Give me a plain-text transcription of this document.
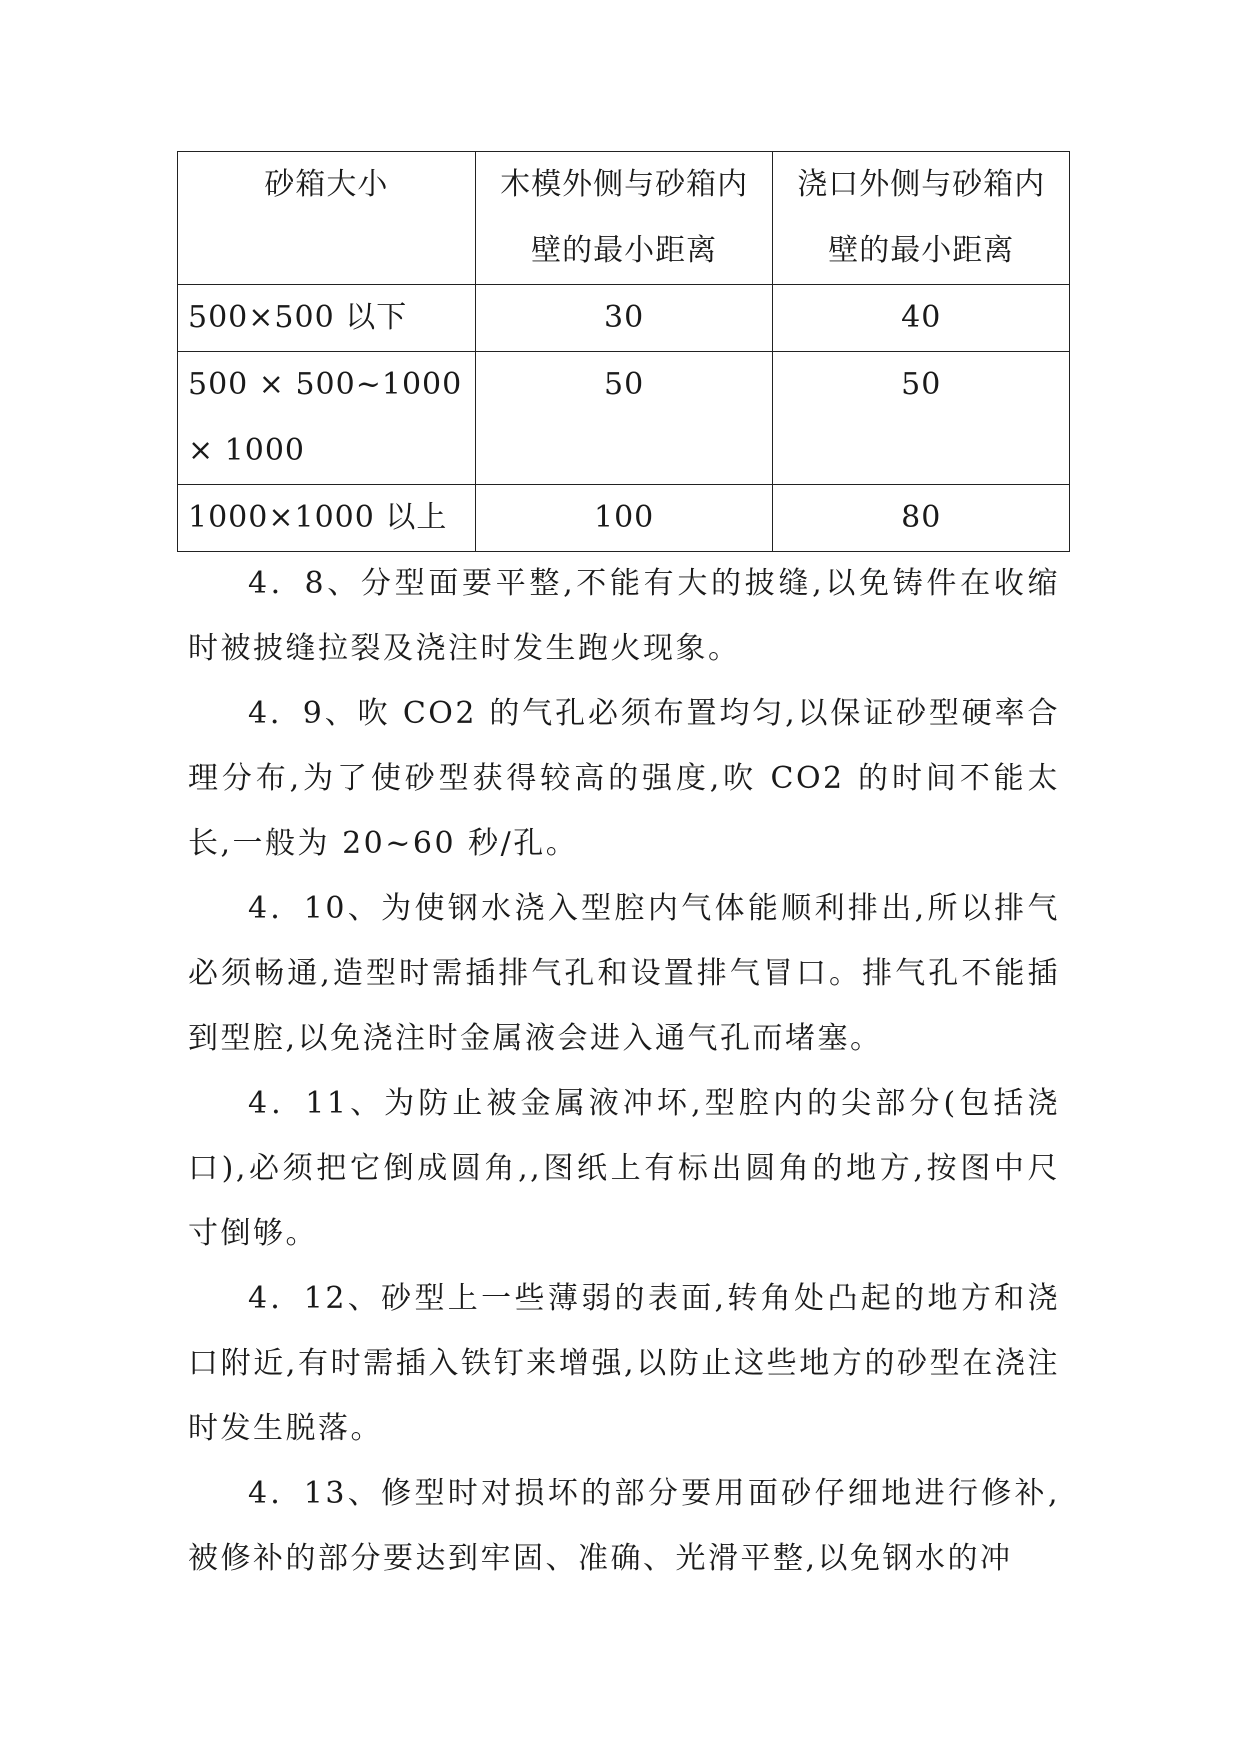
砂箱大小	木模外侧与砂箱内壁的最小距离	浇口外侧与砂箱内壁的最小距离
500×500 以下	30	40
500 × 500~1000 × 1000	50	50
1000×1000 以上	100	80

4．8、分型面要平整,不能有大的披缝,以免铸件在收缩时被披缝拉裂及浇注时发生跑火现象。

4．9、吹 CO2 的气孔必须布置均匀,以保证砂型硬率合理分布,为了使砂型获得较高的强度,吹 CO2 的时间不能太长,一般为 20~60 秒/孔。

4．10、为使钢水浇入型腔内气体能顺利排出,所以排气必须畅通,造型时需插排气孔和设置排气冒口。排气孔不能插到型腔,以免浇注时金属液会进入通气孔而堵塞。

4．11、为防止被金属液冲坏,型腔内的尖部分(包括浇口),必须把它倒成圆角,,图纸上有标出圆角的地方,按图中尺寸倒够。

4．12、砂型上一些薄弱的表面,转角处凸起的地方和浇口附近,有时需插入铁钉来增强,以防止这些地方的砂型在浇注时发生脱落。

4．13、修型时对损坏的部分要用面砂仔细地进行修补,被修补的部分要达到牢固、准确、光滑平整,以免钢水的冲
